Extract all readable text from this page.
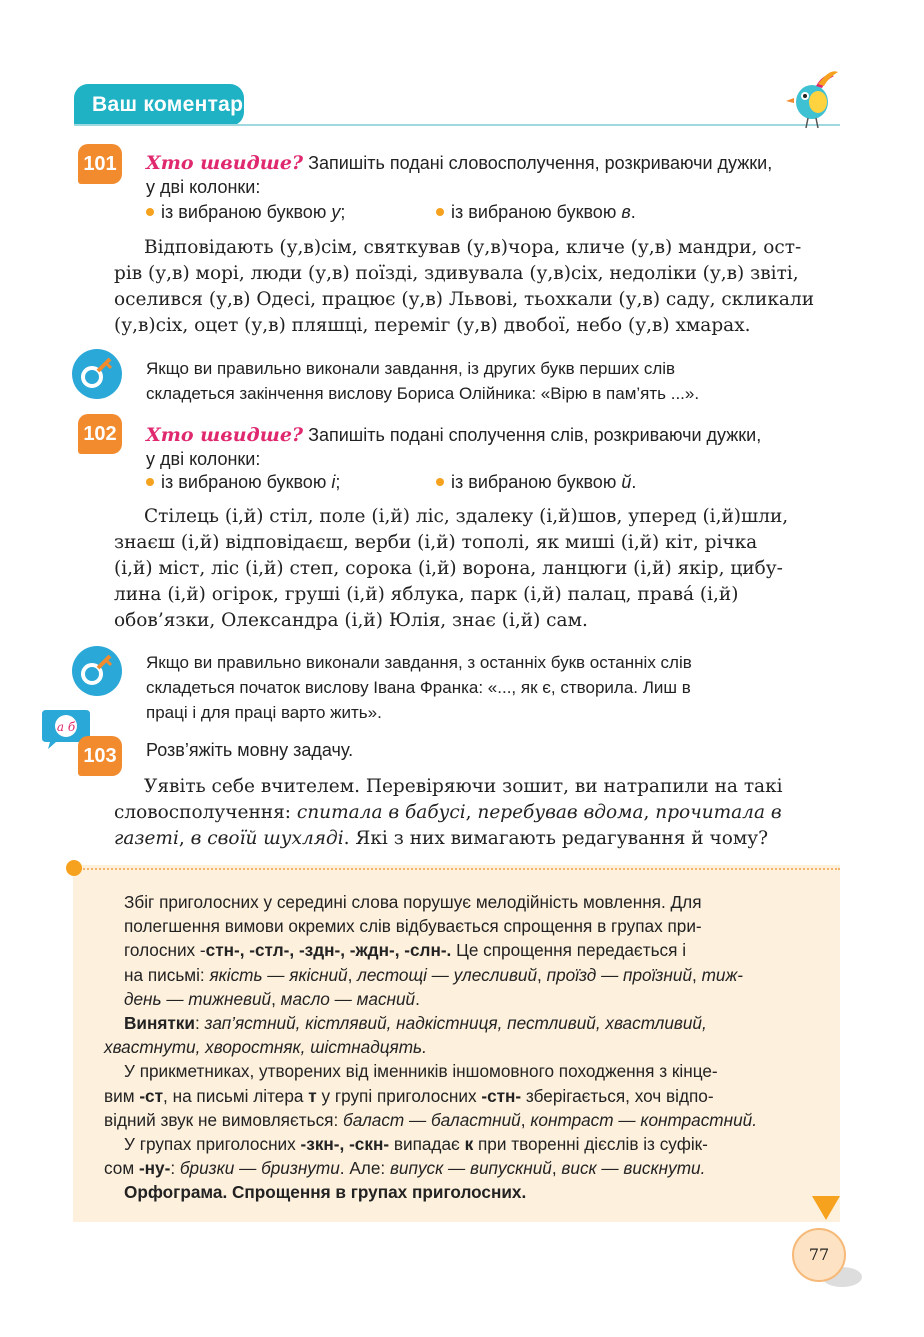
Ваш коментар
101 Хто швидше? Запишіть подані словосполучення, розкриваючи дужки,
у дві колонки:
із вибраною буквою у;	із вибраною буквою в.
Відповідають (у,в)сім, святкував (у,в)чора, кличе (у,в) мандри, ост-
рів (у,в) морі, люди (у,в) поїзді, здивувала (у,в)сіх, недоліки (у,в) звіті,
оселився (у,в) Одесі, працює (у,в) Львові, тьохкали (у,в) саду, скликали
(у,в)сіх, оцет (у,в) пляшці, переміг (у,в) двобої, небо (у,в) хмарах.
Якщо ви правильно виконали завдання, із других букв перших слів
складеться закінчення вислову Бориса Олійника: «Вірю в пам’ять ...».
102 Хто швидше? Запишіть подані сполучення слів, розкриваючи дужки,
у дві колонки:
із вибраною буквою і;	із вибраною буквою й.
Стілець (і,й) стіл, поле (і,й) ліс, здалеку (і,й)шов, уперед (і,й)шли,
знаєш (і,й) відповідаєш, верби (і,й) тополі, як миші (і,й) кіт, річка
(і,й) міст, ліс (і,й) степ, сорока (і,й) ворона, ланцюги (і,й) якір, цибу-
лина (і,й) огірок, груші (і,й) яблука, парк (і,й) палац, права́ (і,й)
обов’язки, Олександра (і,й) Юлія, знає (і,й) сам.
Якщо ви правильно виконали завдання, з останніх букв останніх слів
складеться початок вислову Івана Франка: «..., як є, створила. Лиш в
праці і для праці варто жить».
а б
103 Розв’яжіть мовну задачу.
Уявіть себе вчителем. Перевіряючи зошит, ви натрапили на такі
словосполучення: спитала в бабусі, перебував вдома, прочитала в
газеті, в своїй шухляді. Які з них вимагають редагування й чому?
Збіг приголосних у середині слова порушує мелодійність мовлення. Для
полегшення вимови окремих слів відбувається спрощення в групах при-
голосних -стн-, -стл-, -здн-, -ждн-, -слн-. Це спрощення передається і
на письмі: якість — якісний, лестощі — улесливий, проїзд — проїзний, тиж-
день — тижневий, масло — масний.
Винятки: зап’ястний, кістлявий, надкістниця, пестливий, хвастливий,
хвастнути, хворостняк, шістнадцять.
У прикметниках, утворених від іменників іншомовного походження з кінце-
вим -ст, на письмі літера т у групі приголосних -стн- зберігається, хоч відпо-
відний звук не вимовляється: баласт — баластний, контраст — контрастний.
У групах приголосних -зкн-, -скн- випадає к при творенні дієслів із суфік-
сом -ну-: бризки — бризнути. Але: випуск — випускний, виск — вискнути.
Орфограма. Спрощення в групах приголосних.
77
